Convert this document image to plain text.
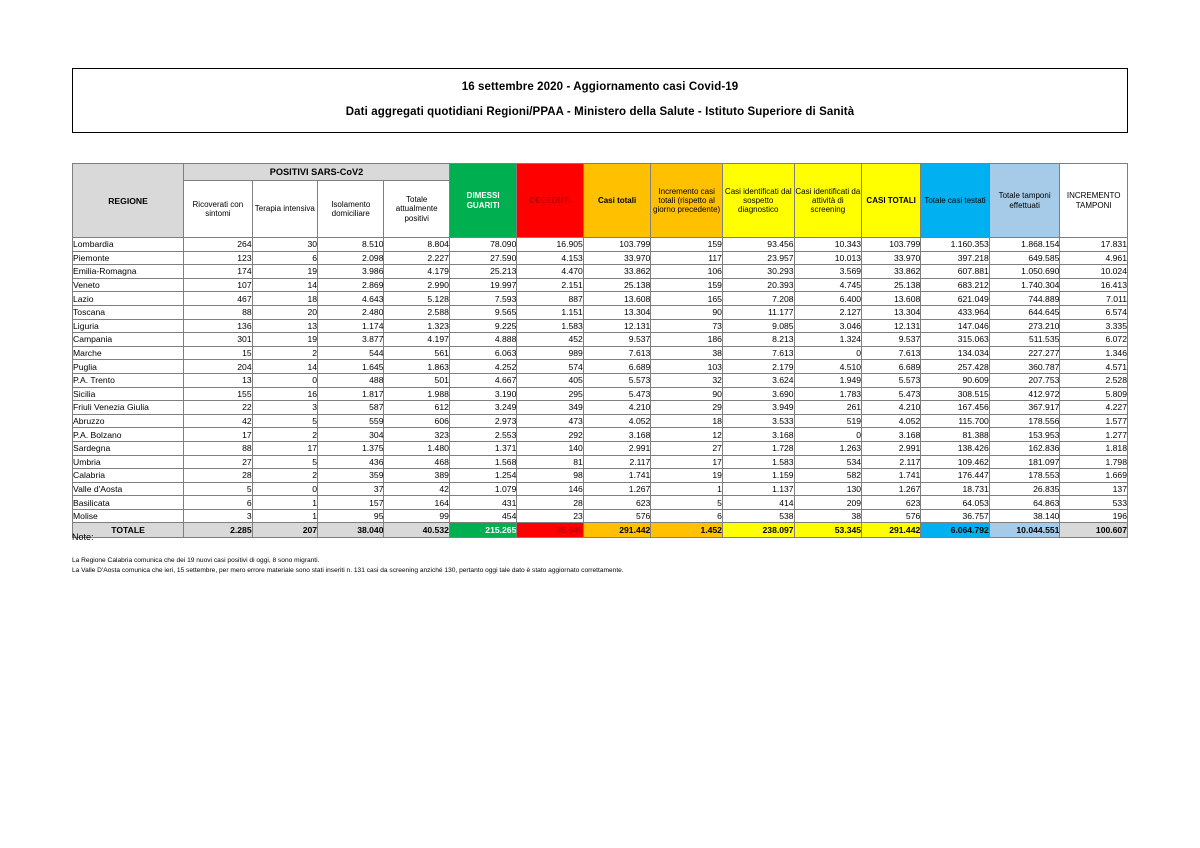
16 settembre 2020 - Aggiornamento casi Covid-19
Dati aggregati quotidiani Regioni/PPAA - Ministero della Salute - Istituto Superiore di Sanità
REGIONE	POSITIVI SARS-CoV2				DIMESSI GUARITI	DECEDUTI	Casi totali	Incremento casi totali (rispetto al giorno precedente)	Casi identificati dal sospetto diagnostico	Casi identificati da attività di screening	CASI TOTALI	Totale casi testati	Totale tamponi effettuati	INCREMENTO TAMPONI
	Ricoverati con sintomi	Terapia intensiva	Isolamento domiciliare	Totale attualmente positivi										
Lombardia	264	30	8.510	8.804	78.090	16.905	103.799	159	93.456	10.343	103.799	1.160.353	1.868.154	17.831
Piemonte	123	6	2.098	2.227	27.590	4.153	33.970	117	23.957	10.013	33.970	397.218	649.585	4.961
Emilia-Romagna	174	19	3.986	4.179	25.213	4.470	33.862	106	30.293	3.569	33.862	607.881	1.050.690	10.024
Veneto	107	14	2.869	2.990	19.997	2.151	25.138	159	20.393	4.745	25.138	683.212	1.740.304	16.413
Lazio	467	18	4.643	5.128	7.593	887	13.608	165	7.208	6.400	13.608	621.049	744.889	7.011
Toscana	88	20	2.480	2.588	9.565	1.151	13.304	90	11.177	2.127	13.304	433.964	644.645	6.574
Liguria	136	13	1.174	1.323	9.225	1.583	12.131	73	9.085	3.046	12.131	147.046	273.210	3.335
Campania	301	19	3.877	4.197	4.888	452	9.537	186	8.213	1.324	9.537	315.063	511.535	6.072
Marche	15	2	544	561	6.063	989	7.613	38	7.613	0	7.613	134.034	227.277	1.346
Puglia	204	14	1.645	1.863	4.252	574	6.689	103	2.179	4.510	6.689	257.428	360.787	4.571
P.A. Trento	13	0	488	501	4.667	405	5.573	32	3.624	1.949	5.573	90.609	207.753	2.528
Sicilia	155	16	1.817	1.988	3.190	295	5.473	90	3.690	1.783	5.473	308.515	412.972	5.809
Friuli Venezia Giulia	22	3	587	612	3.249	349	4.210	29	3.949	261	4.210	167.456	367.917	4.227
Abruzzo	42	5	559	606	2.973	473	4.052	18	3.533	519	4.052	115.700	178.556	1.577
P.A. Bolzano	17	2	304	323	2.553	292	3.168	12	3.168	0	3.168	81.388	153.953	1.277
Sardegna	88	17	1.375	1.480	1.371	140	2.991	27	1.728	1.263	2.991	138.426	162.836	1.818
Umbria	27	5	436	468	1.568	81	2.117	17	1.583	534	2.117	109.462	181.097	1.798
Calabria	28	2	359	389	1.254	98	1.741	19	1.159	582	1.741	176.447	178.553	1.669
Valle d'Aosta	5	0	37	42	1.079	146	1.267	1	1.137	130	1.267	18.731	26.835	137
Basilicata	6	1	157	164	431	28	623	5	414	209	623	64.053	64.863	533
Molise	3	1	95	99	454	23	576	6	538	38	576	36.757	38.140	196
TOTALE	2.285	207	38.040	40.532	215.265	35.645	291.442	1.452	238.097	53.345	291.442	6.064.792	10.044.551	100.607
Note:
La Regione Calabria comunica che dei 19 nuovi casi positivi di oggi, 8 sono migranti.
La Valle D'Aosta comunica che ieri, 15 settembre, per mero errore materiale sono stati inseriti n. 131 casi da screening anziché 130, pertanto oggi tale dato è stato aggiornato correttamente.
